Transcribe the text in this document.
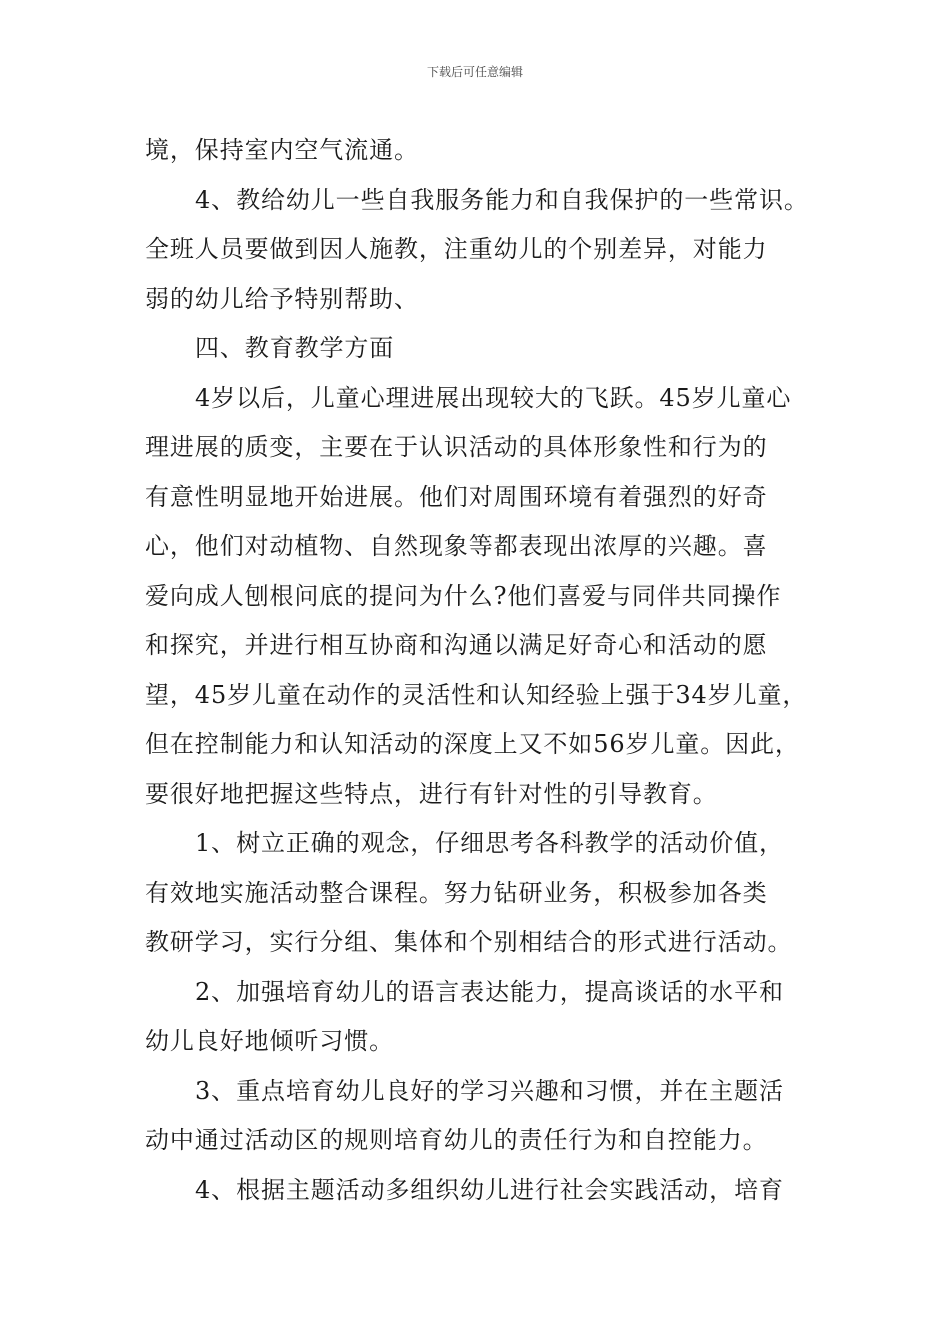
下载后可任意编辑

境，保持室内空气流通。

4、教给幼儿一些自我服务能力和自我保护的一些常识。
全班人员要做到因人施教，注重幼儿的个别差异，对能力
弱的幼儿给予特别帮助、

四、教育教学方面

4岁以后，儿童心理进展出现较大的飞跃。45岁儿童心
理进展的质变，主要在于认识活动的具体形象性和行为的
有意性明显地开始进展。他们对周围环境有着强烈的好奇
心，他们对动植物、自然现象等都表现出浓厚的兴趣。喜
爱向成人刨根问底的提问为什么?他们喜爱与同伴共同操作
和探究，并进行相互协商和沟通以满足好奇心和活动的愿
望，45岁儿童在动作的灵活性和认知经验上强于34岁儿童，
但在控制能力和认知活动的深度上又不如56岁儿童。因此，
要很好地把握这些特点，进行有针对性的引导教育。

1、树立正确的观念，仔细思考各科教学的活动价值，
有效地实施活动整合课程。努力钻研业务，积极参加各类
教研学习，实行分组、集体和个别相结合的形式进行活动。

2、加强培育幼儿的语言表达能力，提高谈话的水平和
幼儿良好地倾听习惯。

3、重点培育幼儿良好的学习兴趣和习惯，并在主题活
动中通过活动区的规则培育幼儿的责任行为和自控能力。

4、根据主题活动多组织幼儿进行社会实践活动，培育
